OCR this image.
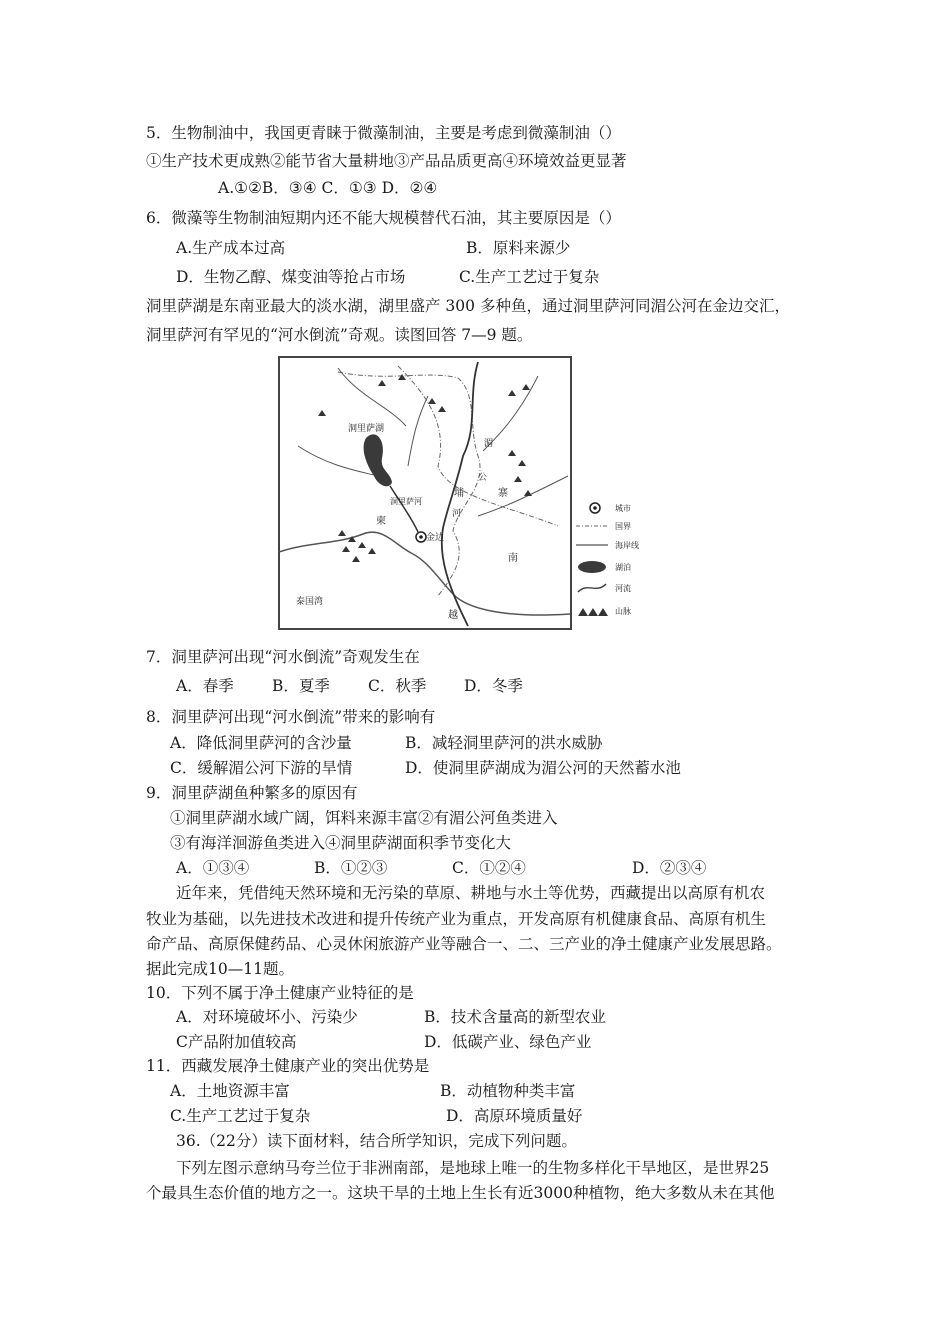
5．生物制油中，我国更青睐于微藻制油，主要是考虑到微藻制油（）
①生产技术更成熟②能节省大量耕地③产品品质更高④环境效益更显著
A.①②B．③④ C．①③ D．②④
6．微藻等生物制油短期内还不能大规模替代石油，其主要原因是（）
A.生产成本过高	B．原料来源少
D．生物乙醇、煤变油等抢占市场	C.生产工艺过于复杂
洞里萨湖是东南亚最大的淡水湖，湖里盛产 300 多种鱼，通过洞里萨河同湄公河在金边交汇，
洞里萨河有罕见的“河水倒流”奇观。读图回答 7—9 题。
洞里萨湖
洞里萨河
金边
柬
埔	寨
湄
公
河
南
越
泰国湾
城市
国界
海岸线
湖泊
河流
山脉
7．洞里萨河出现“河水倒流”奇观发生在
A．春季 B．夏季 C．秋季 D．冬季
8．洞里萨河出现“河水倒流”带来的影响有
A．降低洞里萨河的含沙量	B．减轻洞里萨河的洪水威胁
C．缓解湄公河下游的旱情	D．使洞里萨湖成为湄公河的天然蓄水池
9．洞里萨湖鱼种繁多的原因有
①洞里萨湖水域广阔，饵料来源丰富②有湄公河鱼类进入
③有海洋洄游鱼类进入④洞里萨湖面积季节变化大
A．①③④	B．①②③	C．①②④	D．②③④
近年来，凭借纯天然环境和无污染的草原、耕地与水土等优势，西藏提出以高原有机农
牧业为基础，以先进技术改进和提升传统产业为重点，开发高原有机健康食品、高原有机生
命产品、高原保健药品、心灵休闲旅游产业等融合一、二、三产业的净土健康产业发展思路。
据此完成10—11题。
10．下列不属于净土健康产业特征的是
A．对环境破坏小、污染少	B．技术含量高的新型农业
C产品附加值较高	D．低碳产业、绿色产业
11．西藏发展净土健康产业的突出优势是
A．土地资源丰富	B．动植物种类丰富
C.生产工艺过于复杂	D．高原环境质量好
36.（22分）读下面材料，结合所学知识，完成下列问题。
下列左图示意纳马夸兰位于非洲南部，是地球上唯一的生物多样化干旱地区，是世界25
个最具生态价值的地方之一。这块干旱的土地上生长有近3000种植物，绝大多数从未在其他
